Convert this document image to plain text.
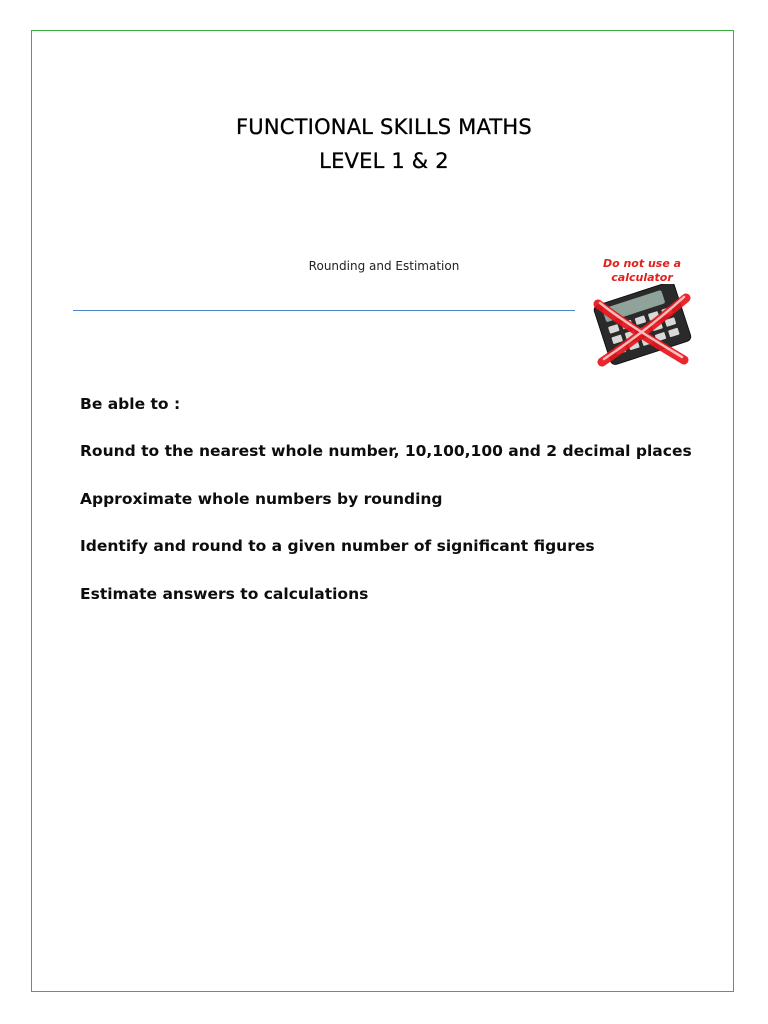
FUNCTIONAL SKILLS MATHS
LEVEL 1 & 2
Rounding and Estimation	Do not use a
calculator
Be able to :
Round to the nearest whole number, 10,100,100 and 2 decimal places
Approximate whole numbers by rounding
Identify and round to a given number of significant figures
Estimate answers to calculations
